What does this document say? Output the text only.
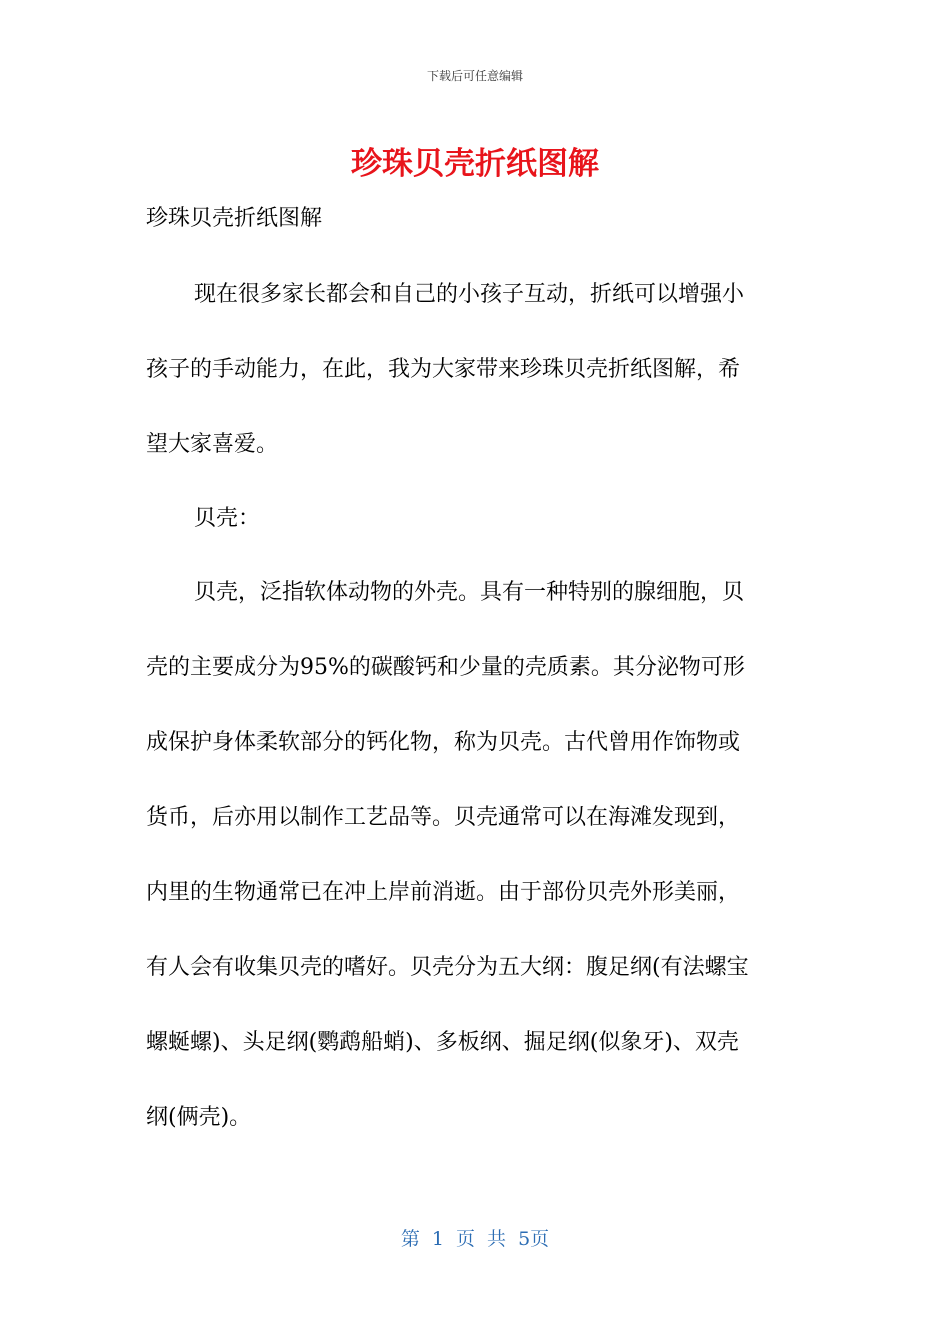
下载后可任意编辑
珍珠贝壳折纸图解
珍珠贝壳折纸图解
现在很多家长都会和自己的小孩子互动，折纸可以增强小
孩子的手动能力，在此，我为大家带来珍珠贝壳折纸图解，希
望大家喜爱。
贝壳：
贝壳，泛指软体动物的外壳。具有一种特别的腺细胞，贝
壳的主要成分为95%的碳酸钙和少量的壳质素。其分泌物可形
成保护身体柔软部分的钙化物，称为贝壳。古代曾用作饰物或
货币，后亦用以制作工艺品等。贝壳通常可以在海滩发现到，
内里的生物通常已在冲上岸前消逝。由于部份贝壳外形美丽，
有人会有收集贝壳的嗜好。贝壳分为五大纲：腹足纲(有法螺宝
螺蜒螺)、头足纲(鹦鹉船蛸)、多板纲、掘足纲(似象牙)、双壳
纲(俩壳)。
第 1 页 共 5页
